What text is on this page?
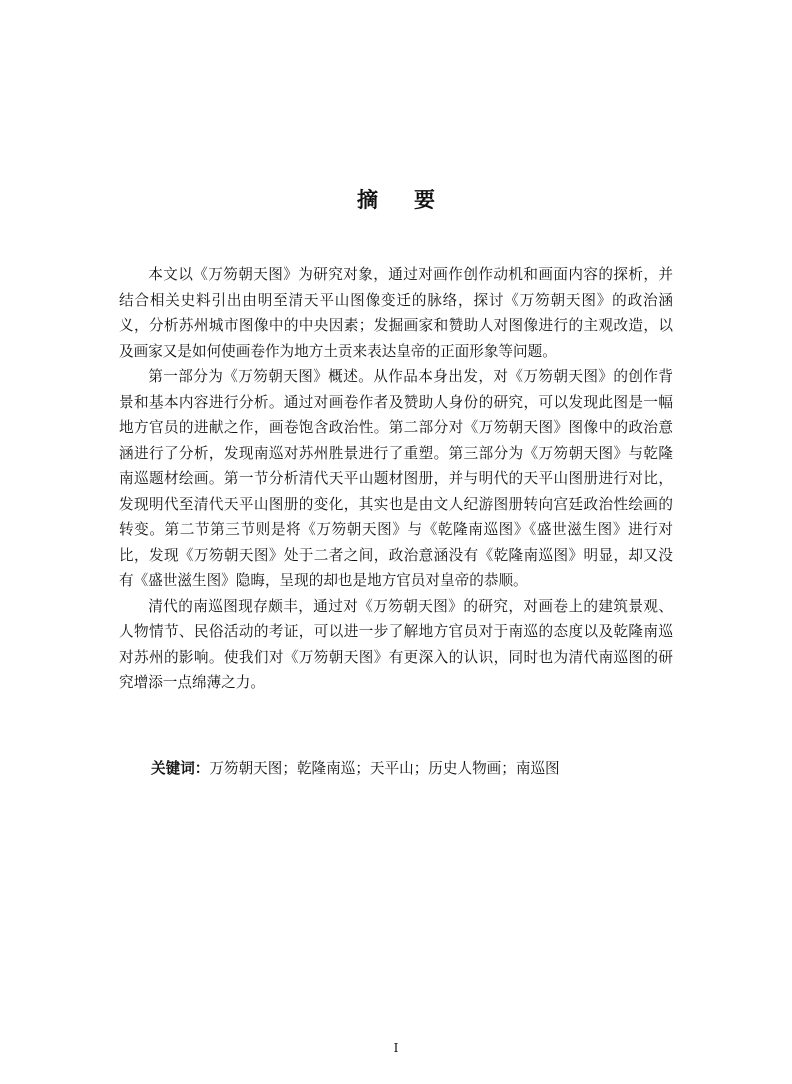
摘 要

本文以《万笏朝天图》为研究对象，通过对画作创作动机和画面内容的探析，并结合相关史料引出由明至清天平山图像变迁的脉络，探讨《万笏朝天图》的政治涵义，分析苏州城市图像中的中央因素；发掘画家和赞助人对图像进行的主观改造，以及画家又是如何使画卷作为地方土贡来表达皇帝的正面形象等问题。

第一部分为《万笏朝天图》概述。从作品本身出发，对《万笏朝天图》的创作背景和基本内容进行分析。通过对画卷作者及赞助人身份的研究，可以发现此图是一幅地方官员的进献之作，画卷饱含政治性。第二部分对《万笏朝天图》图像中的政治意涵进行了分析，发现南巡对苏州胜景进行了重塑。第三部分为《万笏朝天图》与乾隆南巡题材绘画。第一节分析清代天平山题材图册，并与明代的天平山图册进行对比，发现明代至清代天平山图册的变化，其实也是由文人纪游图册转向宫廷政治性绘画的转变。第二节第三节则是将《万笏朝天图》与《乾隆南巡图》《盛世滋生图》进行对比，发现《万笏朝天图》处于二者之间，政治意涵没有《乾隆南巡图》明显，却又没有《盛世滋生图》隐晦，呈现的却也是地方官员对皇帝的恭顺。

清代的南巡图现存颇丰，通过对《万笏朝天图》的研究，对画卷上的建筑景观、人物情节、民俗活动的考证，可以进一步了解地方官员对于南巡的态度以及乾隆南巡对苏州的影响。使我们对《万笏朝天图》有更深入的认识，同时也为清代南巡图的研究增添一点绵薄之力。

关键词：万笏朝天图；乾隆南巡；天平山；历史人物画；南巡图
I
